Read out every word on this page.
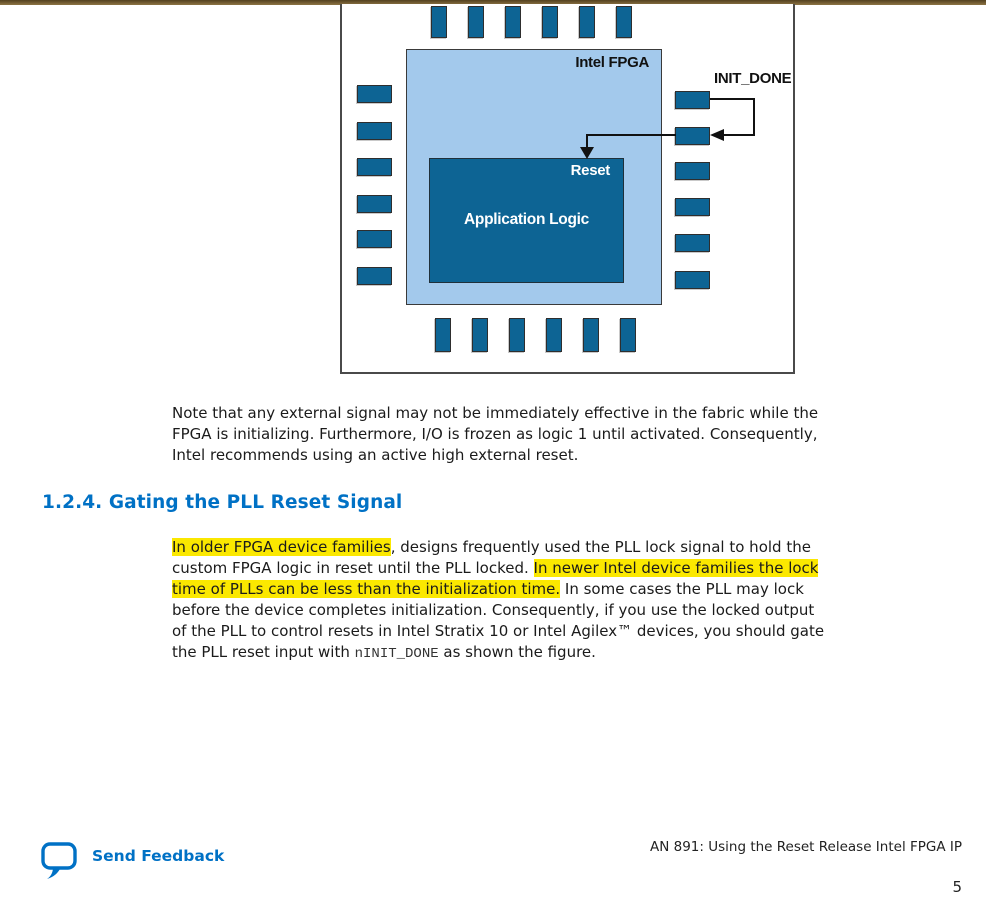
Intel FPGA
Reset
Application Logic
INIT_DONE
Note that any external signal may not be immediately effective in the fabric while the
FPGA is initializing. Furthermore, I/O is frozen as logic 1 until activated. Consequently,
Intel recommends using an active high external reset.
1.2.4. Gating the PLL Reset Signal
In older FPGA device families, designs frequently used the PLL lock signal to hold the
custom FPGA logic in reset until the PLL locked. In newer Intel device families the lock
time of PLLs can be less than the initialization time. In some cases the PLL may lock
before the device completes initialization. Consequently, if you use the locked output
of the PLL to control resets in Intel Stratix 10 or Intel Agilex™ devices, you should gate
the PLL reset input with nINIT_DONE as shown the figure.
Send Feedback	AN 891: Using the Reset Release Intel FPGA IP
5
